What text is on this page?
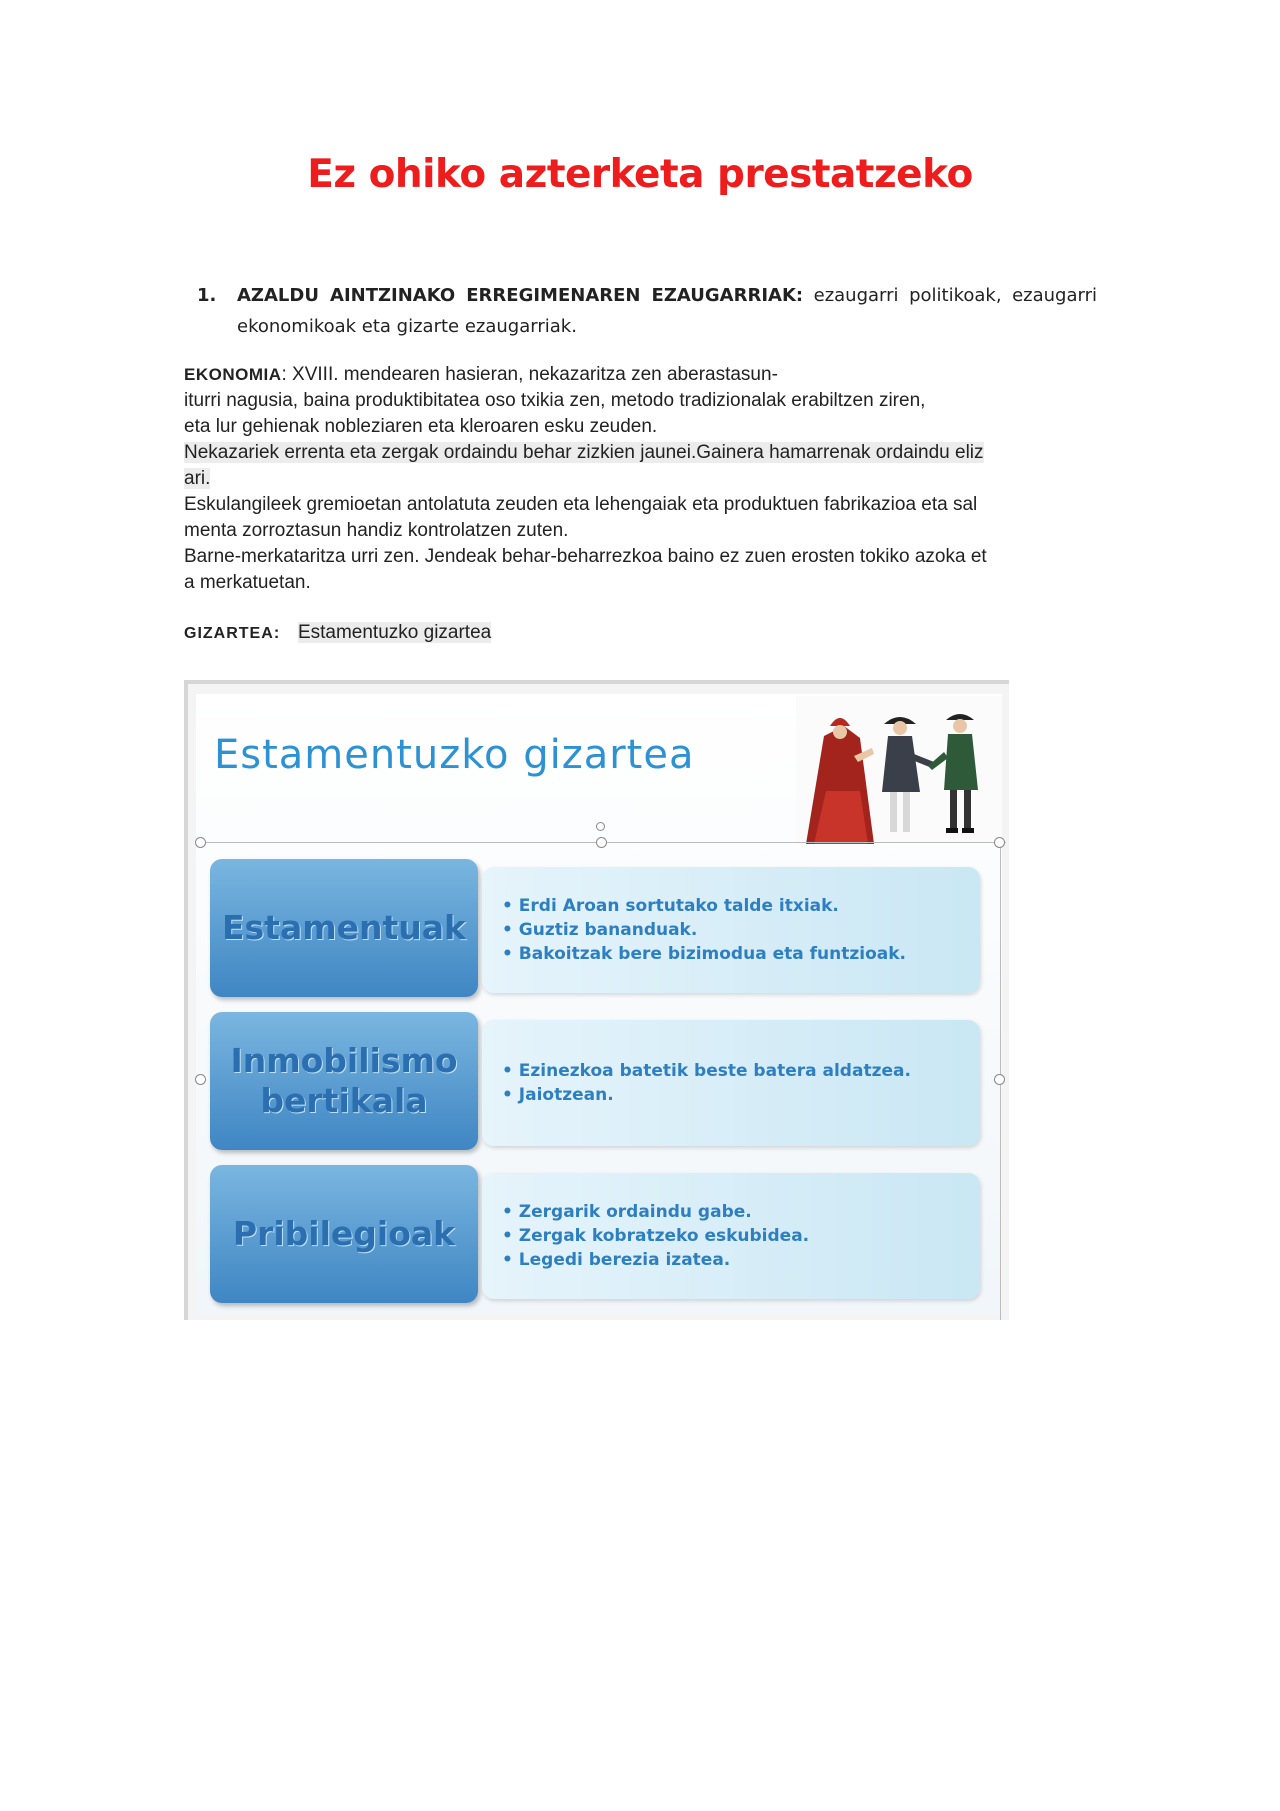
Ez ohiko azterketa prestatzeko
1. AZALDU AINTZINAKO ERREGIMENAREN EZAUGARRIAK: ezaugarri politikoak, ezaugarri ekonomikoak eta gizarte ezaugarriak.
EKONOMIA: XVIII. mendearen hasieran, nekazaritza zen aberastasun-
iturri nagusia, baina produktibitatea oso txikia zen, metodo tradizionalak erabiltzen ziren,
eta lur gehienak nobleziaren eta kleroaren esku zeuden.
Nekazariek errenta eta zergak ordaindu behar zizkien jaunei.Gainera hamarrenak ordaindu eliz
ari.
Eskulangileek gremioetan antolatuta zeuden eta lehengaiak eta produktuen fabrikazioa eta sal
menta zorroztasun handiz kontrolatzen zuten.
Barne-merkataritza urri zen. Jendeak behar-beharrezkoa baino ez zuen erosten tokiko azoka et
a merkatuetan.
GIZARTEA: Estamentuzko gizartea
Estamentuzko gizartea
Estamentuak
• Erdi Aroan sortutako talde itxiak.
• Guztiz bananduak.
• Bakoitzak bere bizimodua eta funtzioak.
Inmobilismo
bertikala
• Ezinezkoa batetik beste batera aldatzea.
• Jaiotzean.
Pribilegioak
• Zergarik ordaindu gabe.
• Zergak kobratzeko eskubidea.
• Legedi berezia izatea.
